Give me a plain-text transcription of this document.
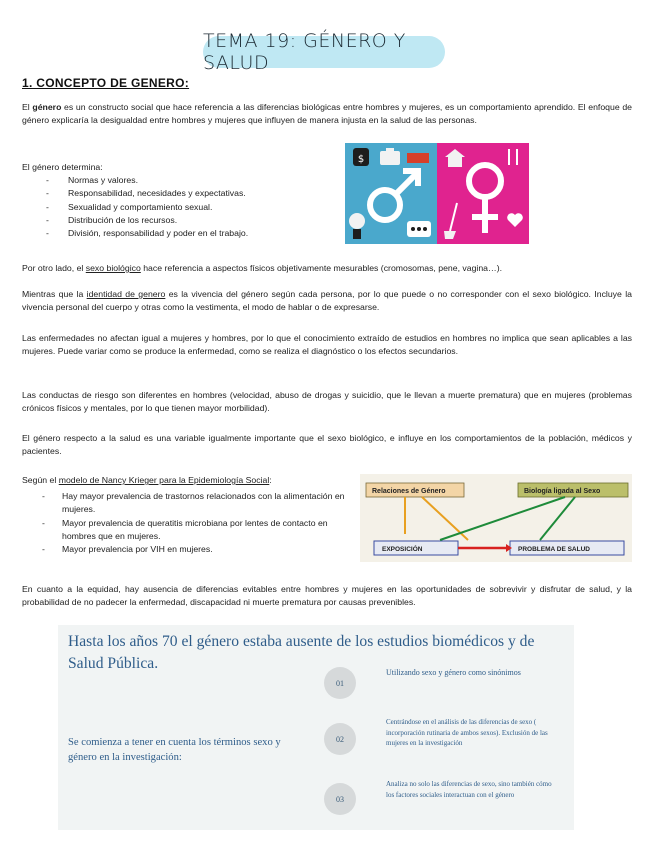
TEMA 19: GÉNERO Y SALUD
1. CONCEPTO DE GENERO:
El género es un constructo social que hace referencia a las diferencias biológicas entre hombres y mujeres, es un comportamiento aprendido. El enfoque de género explicaría la desigualdad entre hombres y mujeres que influyen de manera injusta en la salud de las personas.
El género determina:
- Normas y valores.
- Responsabilidad, necesidades y expectativas.
- Sexualidad y comportamiento sexual.
- Distribución de los recursos.
- División, responsabilidad y poder en el trabajo.
$
Por otro lado, el sexo biológico hace referencia a aspectos físicos objetivamente mesurables (cromosomas, pene, vagina…).
Mientras que la identidad de genero es la vivencia del género según cada persona, por lo que puede o no corresponder con el sexo biológico. Incluye la vivencia personal del cuerpo y otras como la vestimenta, el modo de hablar o de expresarse.
Las enfermedades no afectan igual a mujeres y hombres, por lo que el conocimiento extraído de estudios en hombres no implica que sean aplicables a las mujeres. Puede variar como se produce la enfermedad, como se realiza el diagnóstico o los efectos secundarios.
Las conductas de riesgo son diferentes en hombres (velocidad, abuso de drogas y suicidio, que le llevan a muerte prematura) que en mujeres (problemas crónicos físicos y mentales, por lo que tienen mayor morbilidad).
El género respecto a la salud es una variable igualmente importante que el sexo biológico, e influye en los comportamientos de la población, médicos y pacientes.
Según el modelo de Nancy Krieger para la Epidemiología Social:
- Hay mayor prevalencia de trastornos relacionados con la alimentación en mujeres.
- Mayor prevalencia de queratitis microbiana por lentes de contacto en hombres que en mujeres.
- Mayor prevalencia por VIH en mujeres.
Relaciones de Género	Biología ligada al Sexo
EXPOSICIÓN	PROBLEMA DE SALUD
En cuanto a la equidad, hay ausencia de diferencias evitables entre hombres y mujeres en las oportunidades de sobrevivir y disfrutar de salud, y la probabilidad de no padecer la enfermedad, discapacidad ni muerte prematura por causas prevenibles.
Hasta los años 70 el género estaba ausente de los estudios biomédicos y de Salud Pública.
Se comienza a tener en cuenta los términos sexo y género en la investigación:
01
Utilizando sexo y género como sinónimos
02
Centrándose en el análisis de las diferencias de sexo ( incorporación rutinaria de ambos sexos). Exclusión de las mujeres en la investigación
03
Analiza no solo las diferencias de sexo, sino también cómo los factores sociales interactuan con el género
